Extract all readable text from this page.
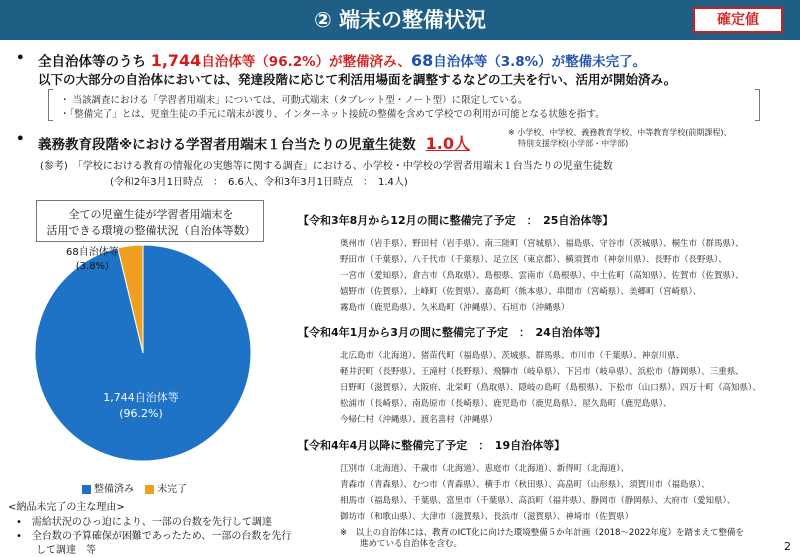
② 端末の整備状況	確定値
• 全自治体等のうち 1,744自治体等（96.2%）が整備済み、68自治体等（3.8%）が整備未完了。
以下の大部分の自治体においては、発達段階に応じて利活用場面を調整するなどの工夫を行い、活用が開始済み。
・ 当該調査における「学習者用端末」については、可動式端末（タブレット型・ノート型）に限定している。
・「整備完了」とは、児童生徒の手元に端末が渡り、インターネット接続の整備を含めて学校での利用が可能となる状態を指す。
• 義務教育段階※における学習者用端末１台当たりの児童生徒数 1.0人
※ 小学校、中学校、義務教育学校、中等教育学校(前期課程)、
特別支援学校(小学部・中学部)
(参考)　「学校における教育の情報化の実態等に関する調査」における、小学校・中学校の学習者用端末１台当たりの児童生徒数
(令和2年3月1日時点　：　6.6人、令和3年3月1日時点　：　1.4人)
全ての児童生徒が学習者用端末を
活用できる環境の整備状況（自治体等数）
68自治体等
(3.8%)
1,744自治体等
(96.2%)
整備済み 未完了
<納品未完了の主な理由>
•　需給状況のひっ迫により、一部の台数を先行して調達
•　全台数の予算確保が困難であったため、一部の台数を先行
　　して調達　等
【令和3年8月から12月の間に整備完了予定　：　25自治体等】
奥州市（岩手県）、野田村（岩手県）、南三陸町（宮城県）、福島県、守谷市（茨城県）、桐生市（群馬県）、
野田市（千葉県）、八千代市（千葉県）、足立区（東京都）、横須賀市（神奈川県）、長野市（長野県）、
一宮市（愛知県）、倉吉市（鳥取県）、島根県、雲南市（島根県）、中土佐町（高知県）、佐賀市（佐賀県）、
嬉野市（佐賀県）、上峰町（佐賀県）、嘉島町（熊本県）、串間市（宮崎県）、美郷町（宮崎県）、
霧島市（鹿児島県）、久米島町（沖縄県）、石垣市（沖縄県）
【令和4年1月から3月の間に整備完了予定　：　24自治体等】
北広島市（北海道）、猪苗代町（福島県）、茨城県、群馬県、市川市（千葉県）、神奈川県、
軽井沢町（長野県）、王滝村（長野県）、飛騨市（岐阜県）、下呂市（岐阜県）、浜松市（静岡県）、三重県、
日野町（滋賀県）、大阪府、北栄町（鳥取県）、隠岐の島町（島根県）、下松市（山口県）、四万十町（高知県）、
松浦市（長崎県）、南島原市（長崎県）、鹿児島市（鹿児島県）、屋久島町（鹿児島県）、
今帰仁村（沖縄県）、渡名喜村（沖縄県）
【令和4年4月以降に整備完了予定　：　19自治体等】
江別市（北海道）、千歳市（北海道）、恵庭市（北海道）、新得町（北海道）、
青森市（青森県）、むつ市（青森県）、横手市（秋田県）、高畠町（山形県）、須賀川市（福島県）、
相馬市（福島県）、千葉県、富里市（千葉県）、高浜町（福井県）、静岡市（静岡県）、大府市（愛知県）、
御坊市（和歌山県）、大津市（滋賀県）、長浜市（滋賀県）、神埼市（佐賀県）
※　 以上の自治体には、教育のICT化に向けた環境整備５か年計画（2018～2022年度）を踏まえて整備を
進めている自治体を含む。	2
